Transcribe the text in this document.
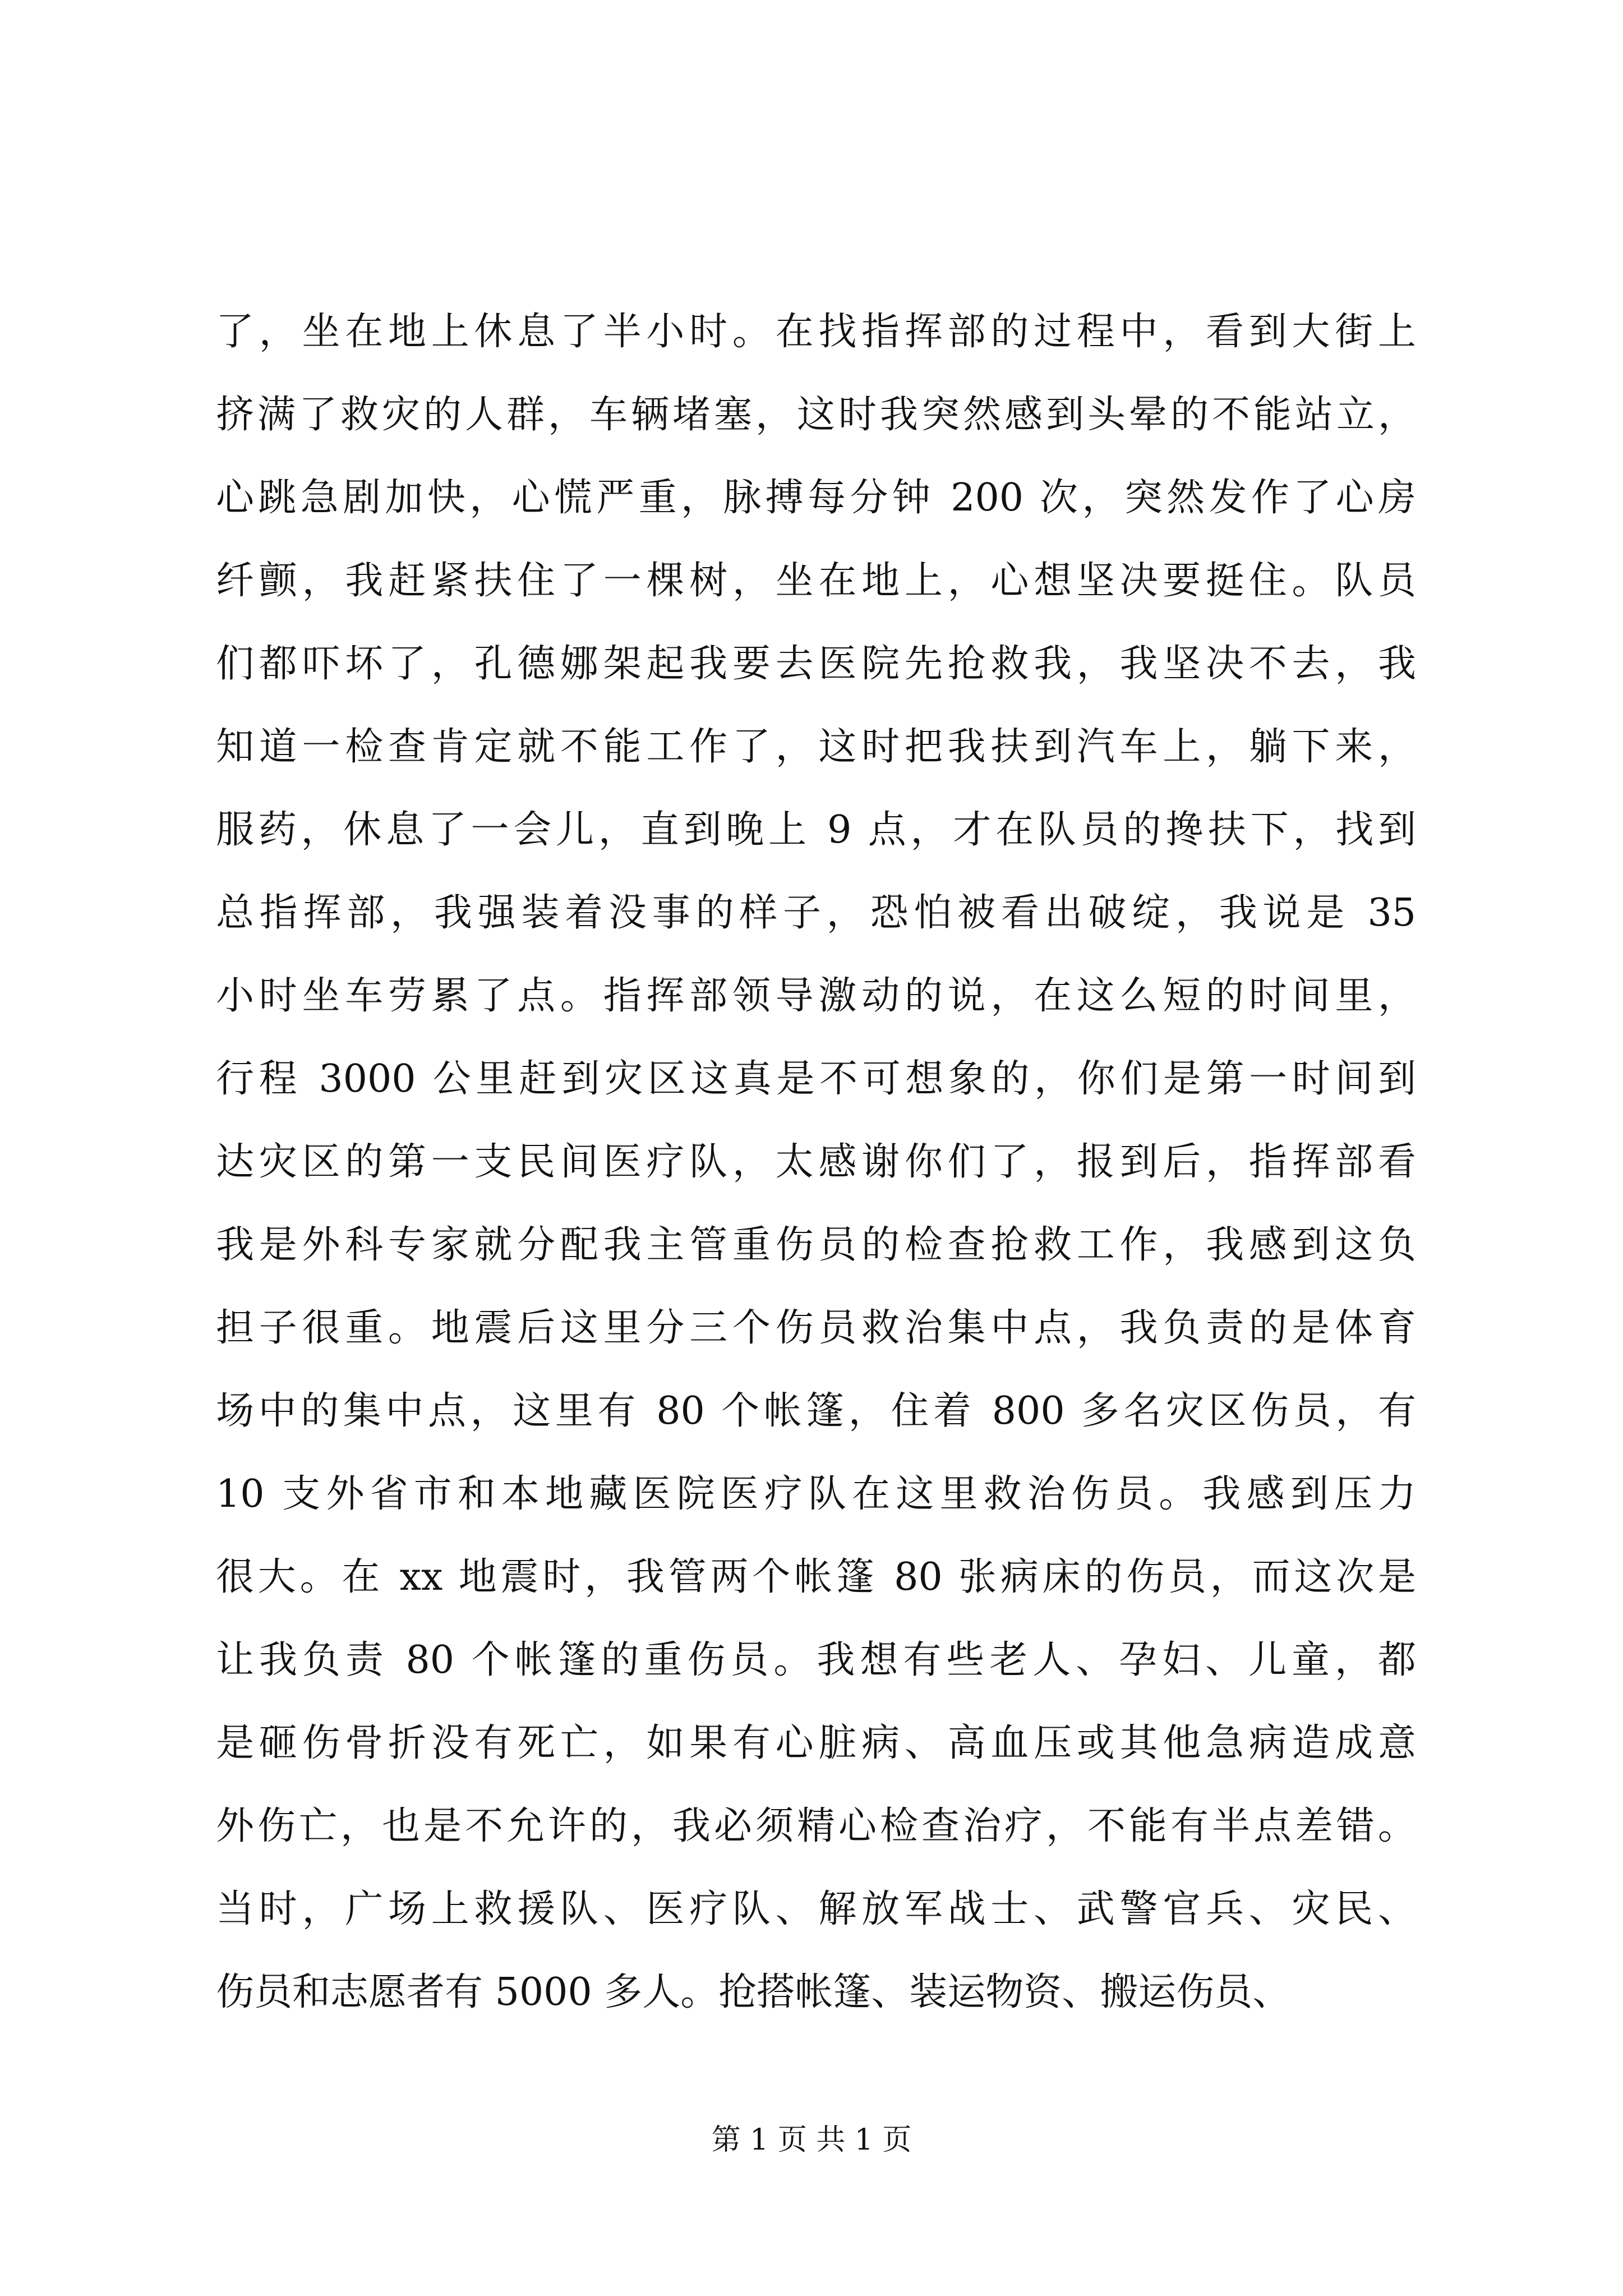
了，坐在地上休息了半小时。在找指挥部的过程中，看到大街上
挤满了救灾的人群，车辆堵塞，这时我突然感到头晕的不能站立，
心跳急剧加快，心慌严重，脉搏每分钟 200 次，突然发作了心房
纤颤，我赶紧扶住了一棵树，坐在地上，心想坚决要挺住。队员
们都吓坏了，孔德娜架起我要去医院先抢救我，我坚决不去，我
知道一检查肯定就不能工作了，这时把我扶到汽车上，躺下来，
服药，休息了一会儿，直到晚上 9 点，才在队员的搀扶下，找到
总指挥部，我强装着没事的样子，恐怕被看出破绽，我说是 35
小时坐车劳累了点。指挥部领导激动的说，在这么短的时间里，
行程 3000 公里赶到灾区这真是不可想象的，你们是第一时间到
达灾区的第一支民间医疗队，太感谢你们了，报到后，指挥部看
我是外科专家就分配我主管重伤员的检查抢救工作，我感到这负
担子很重。地震后这里分三个伤员救治集中点，我负责的是体育
场中的集中点，这里有 80 个帐篷，住着 800 多名灾区伤员，有
10 支外省市和本地藏医院医疗队在这里救治伤员。我感到压力
很大。在 xx 地震时，我管两个帐篷 80 张病床的伤员，而这次是
让我负责 80 个帐篷的重伤员。我想有些老人、孕妇、儿童，都
是砸伤骨折没有死亡，如果有心脏病、高血压或其他急病造成意
外伤亡，也是不允许的，我必须精心检查治疗，不能有半点差错。
当时，广场上救援队、医疗队、解放军战士、武警官兵、灾民、
伤员和志愿者有 5000 多人。抢搭帐篷、装运物资、搬运伤员、
第 1 页 共 1 页
